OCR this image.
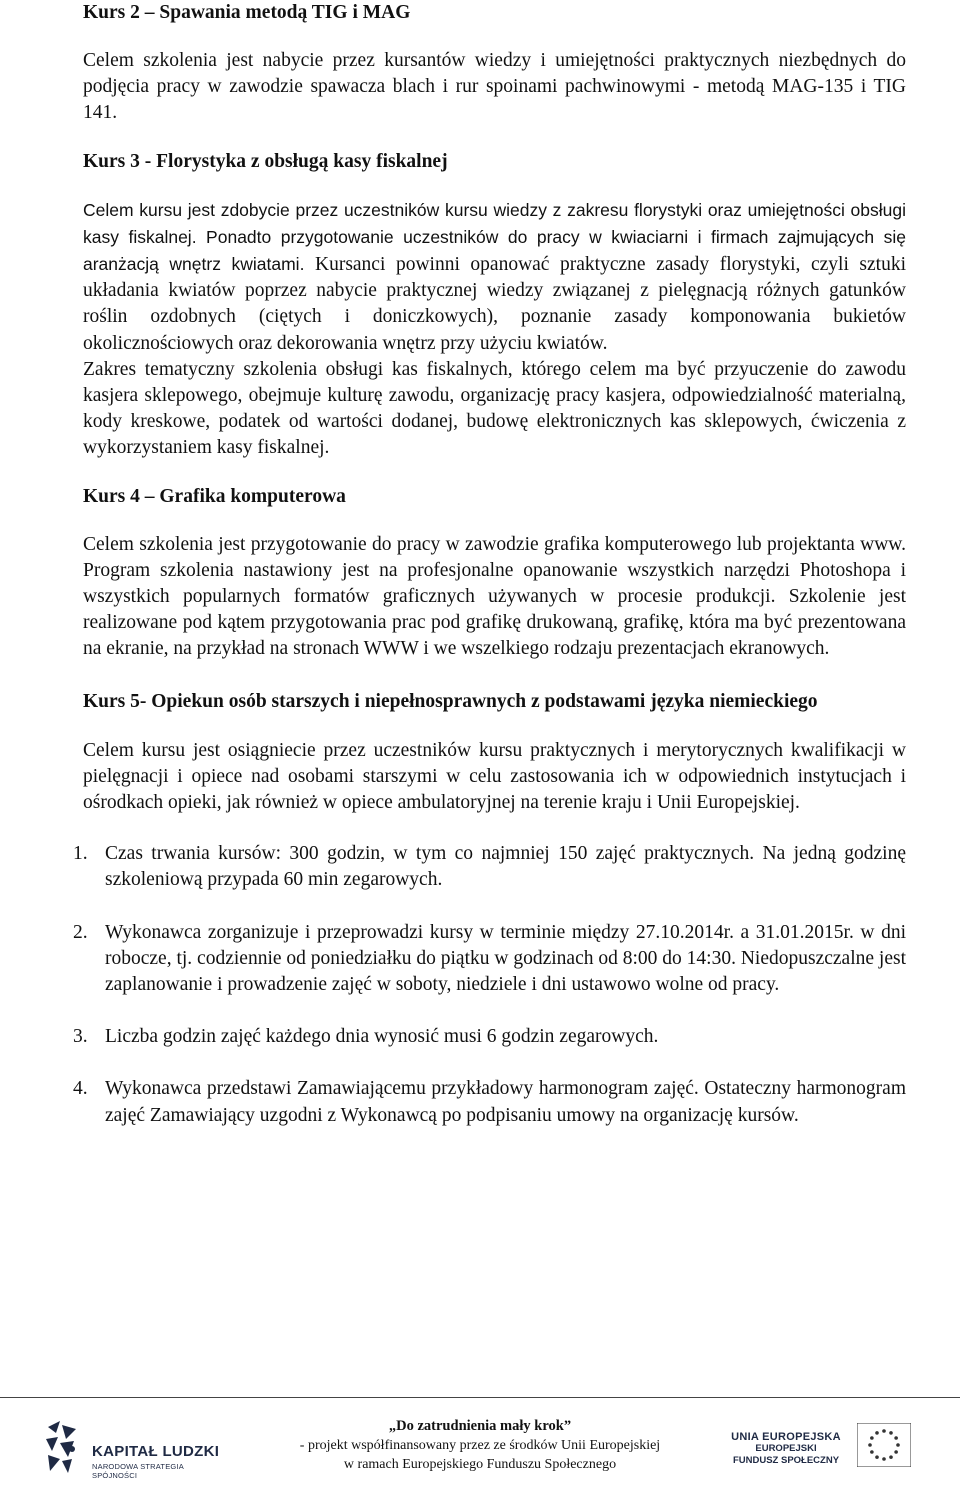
Kurs 2 – Spawania metodą TIG i MAG

Celem szkolenia jest nabycie przez kursantów wiedzy i umiejętności praktycznych niezbędnych do podjęcia pracy w zawodzie spawacza blach i rur spoinami pachwinowymi - metodą MAG-135 i TIG 141.

Kurs 3 - Florystyka z obsługą kasy fiskalnej

Celem kursu jest zdobycie przez uczestników kursu wiedzy z zakresu florystyki oraz umiejętności obsługi kasy fiskalnej. Ponadto przygotowanie uczestników do pracy w kwiaciarni i firmach zajmujących się aranżacją wnętrz kwiatami. Kursanci powinni opanować praktyczne zasady florystyki, czyli sztuki układania kwiatów poprzez nabycie praktycznej wiedzy związanej z pielęgnacją różnych gatunków roślin ozdobnych (ciętych i doniczkowych), poznanie zasady komponowania bukietów okolicznościowych oraz dekorowania wnętrz przy użyciu kwiatów.

Zakres tematyczny szkolenia obsługi kas fiskalnych, którego celem ma być przyuczenie do zawodu kasjera sklepowego, obejmuje kulturę zawodu, organizację pracy kasjera, odpowiedzialność materialną, kody kreskowe, podatek od wartości dodanej, budowę elektronicznych kas sklepowych, ćwiczenia z wykorzystaniem kasy fiskalnej.

Kurs 4 – Grafika komputerowa

Celem szkolenia jest przygotowanie do pracy w zawodzie grafika komputerowego lub projektanta www. Program szkolenia nastawiony jest na profesjonalne opanowanie wszystkich narzędzi Photoshopa i wszystkich popularnych formatów graficznych używanych w procesie produkcji. Szkolenie jest realizowane pod kątem przygotowania prac pod grafikę drukowaną, grafikę, która ma być prezentowana na ekranie, na przykład na stronach WWW i we wszelkiego rodzaju prezentacjach ekranowych.

Kurs 5- Opiekun osób starszych i niepełnosprawnych z podstawami języka niemieckiego

Celem kursu jest osiągniecie przez uczestników kursu praktycznych i merytorycznych kwalifikacji w pielęgnacji i opiece nad osobami starszymi w celu zastosowania ich w odpowiednich instytucjach i ośrodkach opieki, jak również w opiece ambulatoryjnej na terenie kraju i Unii Europejskiej.

1. Czas trwania kursów: 300 godzin, w tym co najmniej 150 zajęć praktycznych. Na jedną godzinę szkoleniową przypada 60 min zegarowych.
2. Wykonawca zorganizuje i przeprowadzi kursy w terminie między 27.10.2014r. a 31.01.2015r. w dni robocze, tj. codziennie od poniedziałku do piątku w godzinach od 8:00 do 14:30. Niedopuszczalne jest zaplanowanie i prowadzenie zajęć w soboty, niedziele i dni ustawowo wolne od pracy.
3. Liczba godzin zajęć każdego dnia wynosić musi 6 godzin zegarowych.
4. Wykonawca przedstawi Zamawiającemu przykładowy harmonogram zajęć. Ostateczny harmonogram zajęć Zamawiający uzgodni z Wykonawcą po podpisaniu umowy na organizację kursów.
KAPITAŁ LUDZKI
NARODOWA STRATEGIA SPÓJNOŚCI
„Do zatrudnienia mały krok”
- projekt współfinansowany przez ze środków Unii Europejskiej
w ramach Europejskiego Funduszu Społecznego
UNIA EUROPEJSKA
EUROPEJSKI
FUNDUSZ SPOŁECZNY
